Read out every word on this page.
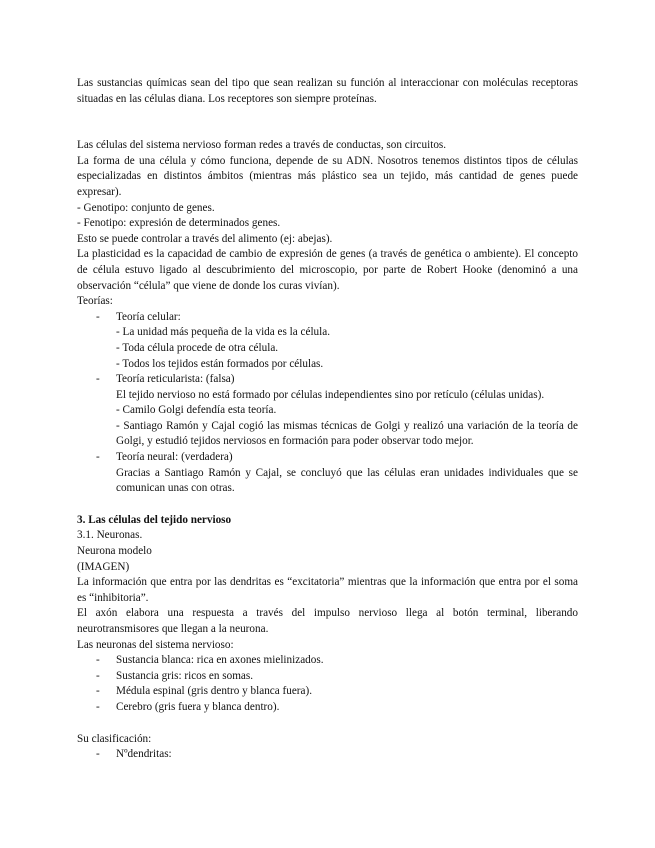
Las sustancias químicas sean del tipo que sean realizan su función al interaccionar con moléculas receptoras situadas en las células diana. Los receptores son siempre proteínas.

Las células del sistema nervioso forman redes a través de conductas, son circuitos.

La forma de una célula y cómo funciona, depende de su ADN. Nosotros tenemos distintos tipos de células especializadas en distintos ámbitos (mientras más plástico sea un tejido, más cantidad de genes puede expresar).

- Genotipo: conjunto de genes.

- Fenotipo: expresión de determinados genes.

Esto se puede controlar a través del alimento (ej: abejas).

La plasticidad es la capacidad de cambio de expresión de genes (a través de genética o ambiente). El concepto de célula estuvo ligado al descubrimiento del microscopio, por parte de Robert Hooke (denominó a una observación “célula” que viene de donde los curas vivían).

Teorías:

- Teoría celular:

- La unidad más pequeña de la vida es la célula.

- Toda célula procede de otra célula.

- Todos los tejidos están formados por células.

- Teoría reticularista: (falsa)

El tejido nervioso no está formado por células independientes sino por retículo (células unidas).

- Camilo Golgi defendía esta teoría.

- Santiago Ramón y Cajal cogió las mismas técnicas de Golgi y realizó una variación de la teoría de Golgi, y estudió tejidos nerviosos en formación para poder observar todo mejor.

- Teoría neural: (verdadera)

Gracias a Santiago Ramón y Cajal, se concluyó que las células eran unidades individuales que se comunican unas con otras.

3. Las células del tejido nervioso

3.1. Neuronas.

Neurona modelo

(IMAGEN)

La información que entra por las dendritas es “excitatoria” mientras que la información que entra por el soma es “inhibitoria”.

El axón elabora una respuesta a través del impulso nervioso llega al botón terminal, liberando neurotransmisores que llegan a la neurona.

Las neuronas del sistema nervioso:

- Sustancia blanca: rica en axones mielinizados.

- Sustancia gris: ricos en somas.

- Médula espinal (gris dentro y blanca fuera).

- Cerebro (gris fuera y blanca dentro).

Su clasificación:

- Nºdendritas:
